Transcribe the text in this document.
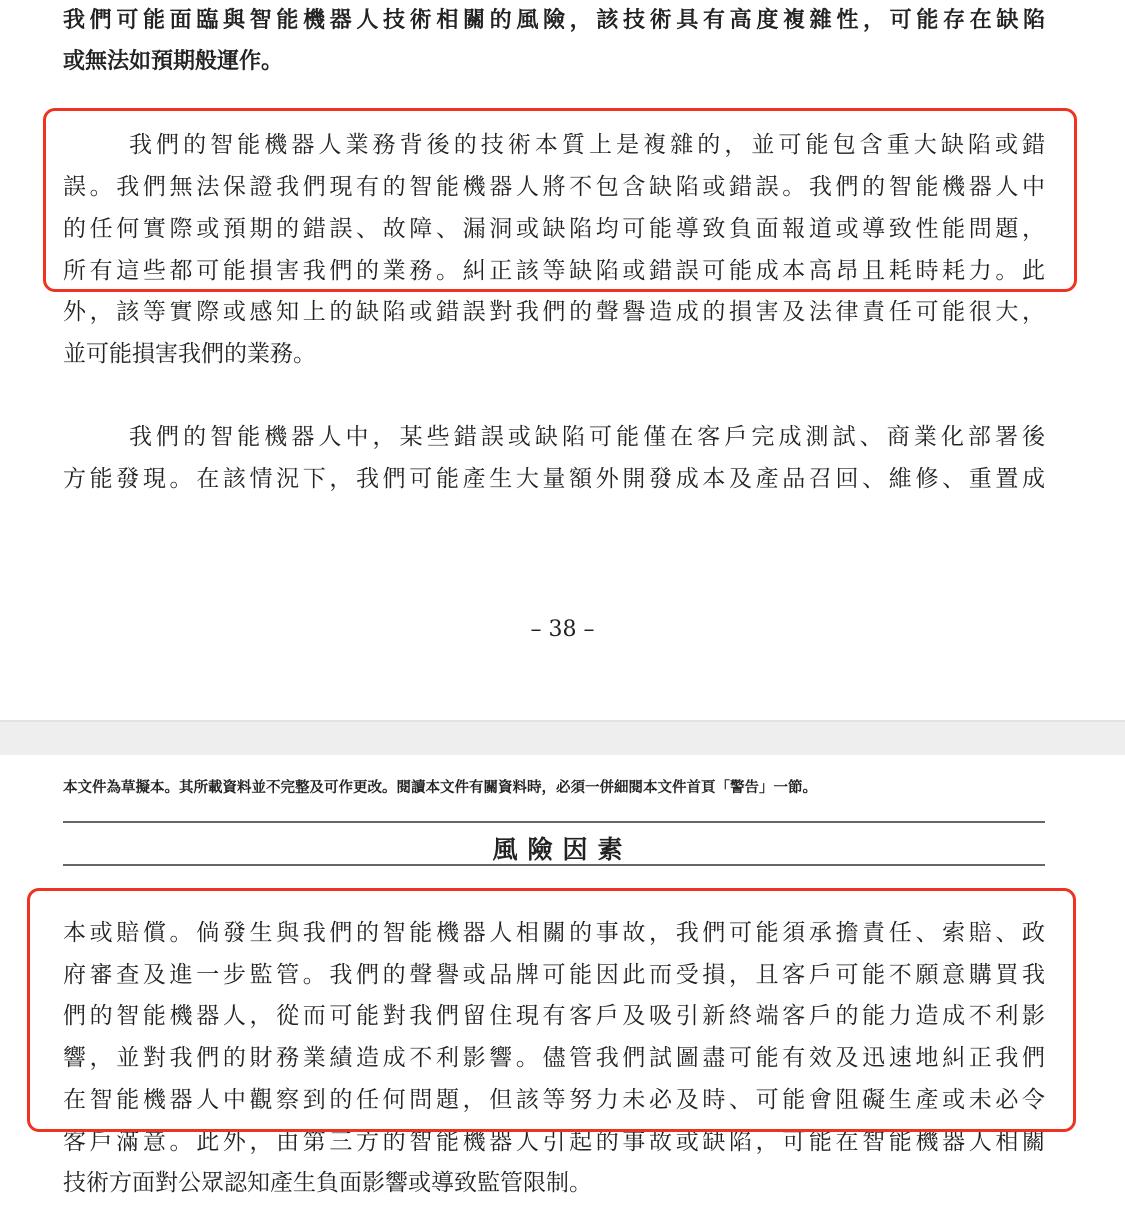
我們可能面臨與智能機器人技術相關的風險，該技術具有高度複雜性，可能存在缺陷
或無法如預期般運作。
我們的智能機器人業務背後的技術本質上是複雜的，並可能包含重大缺陷或錯
誤。我們無法保證我們現有的智能機器人將不包含缺陷或錯誤。我們的智能機器人中
的任何實際或預期的錯誤、故障、漏洞或缺陷均可能導致負面報道或導致性能問題，
所有這些都可能損害我們的業務。糾正該等缺陷或錯誤可能成本高昂且耗時耗力。此
外，該等實際或感知上的缺陷或錯誤對我們的聲譽造成的損害及法律責任可能很大，
並可能損害我們的業務。
我們的智能機器人中，某些錯誤或缺陷可能僅在客戶完成測試、商業化部署後
方能發現。在該情況下，我們可能產生大量額外開發成本及產品召回、維修、重置成
– 38 –
本文件為草擬本。其所載資料並不完整及可作更改。閱讀本文件有關資料時，必須一併細閱本文件首頁「警告」一節。
風險因素
本或賠償。倘發生與我們的智能機器人相關的事故，我們可能須承擔責任、索賠、政
府審查及進一步監管。我們的聲譽或品牌可能因此而受損，且客戶可能不願意購買我
們的智能機器人，從而可能對我們留住現有客戶及吸引新終端客戶的能力造成不利影
響，並對我們的財務業績造成不利影響。儘管我們試圖盡可能有效及迅速地糾正我們
在智能機器人中觀察到的任何問題，但該等努力未必及時、可能會阻礙生產或未必令
客戶滿意。此外，由第三方的智能機器人引起的事故或缺陷，可能在智能機器人相關
技術方面對公眾認知產生負面影響或導致監管限制。
